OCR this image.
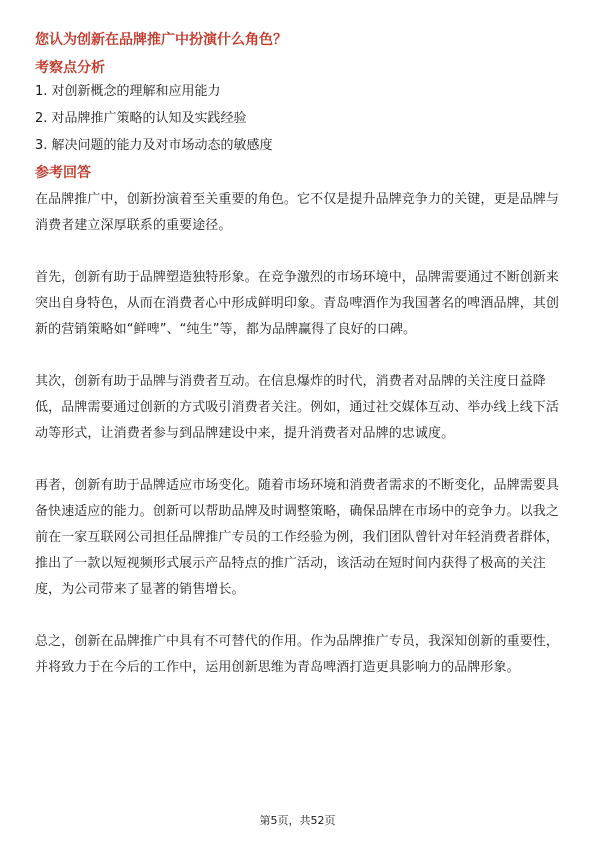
您认为创新在品牌推广中扮演什么角色？
考察点分析
1. 对创新概念的理解和应用能力
2. 对品牌推广策略的认知及实践经验
3. 解决问题的能力及对市场动态的敏感度
参考回答

在品牌推广中，创新扮演着至关重要的角色。它不仅是提升品牌竞争力的关键，更是品牌与消费者建立深厚联系的重要途径。

首先，创新有助于品牌塑造独特形象。在竞争激烈的市场环境中，品牌需要通过不断创新来突出自身特色，从而在消费者心中形成鲜明印象。青岛啤酒作为我国著名的啤酒品牌，其创新的营销策略如“鲜啤”、“纯生”等，都为品牌赢得了良好的口碑。

其次，创新有助于品牌与消费者互动。在信息爆炸的时代，消费者对品牌的关注度日益降低，品牌需要通过创新的方式吸引消费者关注。例如，通过社交媒体互动、举办线上线下活动等形式，让消费者参与到品牌建设中来，提升消费者对品牌的忠诚度。

再者，创新有助于品牌适应市场变化。随着市场环境和消费者需求的不断变化，品牌需要具备快速适应的能力。创新可以帮助品牌及时调整策略，确保品牌在市场中的竞争力。以我之前在一家互联网公司担任品牌推广专员的工作经验为例，我们团队曾针对年轻消费者群体，推出了一款以短视频形式展示产品特点的推广活动，该活动在短时间内获得了极高的关注度，为公司带来了显著的销售增长。

总之，创新在品牌推广中具有不可替代的作用。作为品牌推广专员，我深知创新的重要性，并将致力于在今后的工作中，运用创新思维为青岛啤酒打造更具影响力的品牌形象。

第5页，共52页
